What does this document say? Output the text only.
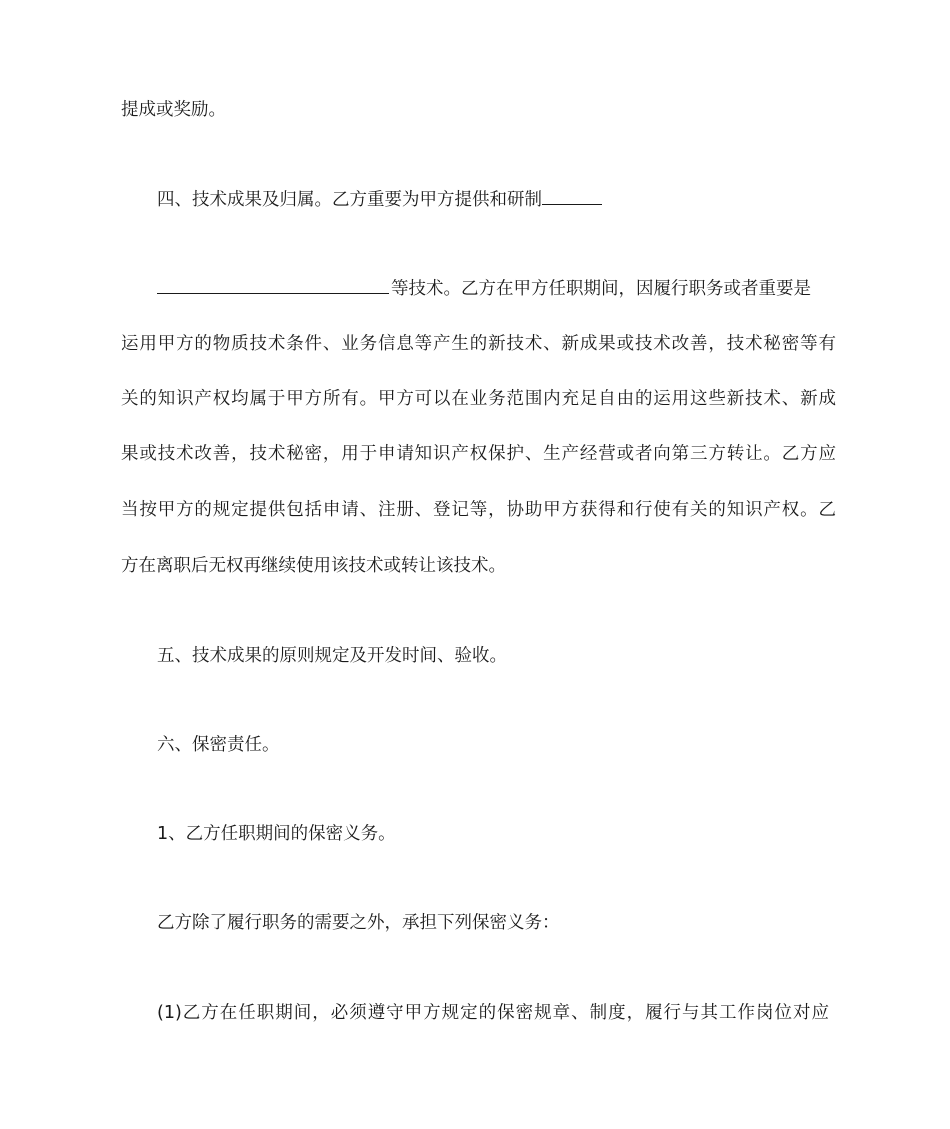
提成或奖励。
四、技术成果及归属。乙方重要为甲方提供和研制
等技术。乙方在甲方任职期间，因履行职务或者重要是
运用甲方的物质技术条件、业务信息等产生的新技术、新成果或技术改善，技术秘密等有
关的知识产权均属于甲方所有。甲方可以在业务范围内充足自由的运用这些新技术、新成
果或技术改善，技术秘密，用于申请知识产权保护、生产经营或者向第三方转让。乙方应
当按甲方的规定提供包括申请、注册、登记等，协助甲方获得和行使有关的知识产权。乙
方在离职后无权再继续使用该技术或转让该技术。
五、技术成果的原则规定及开发时间、验收。
六、保密责任。
1、乙方任职期间的保密义务。
乙方除了履行职务的需要之外，承担下列保密义务：
(1)乙方在任职期间，必须遵守甲方规定的保密规章、制度，履行与其工作岗位对应
